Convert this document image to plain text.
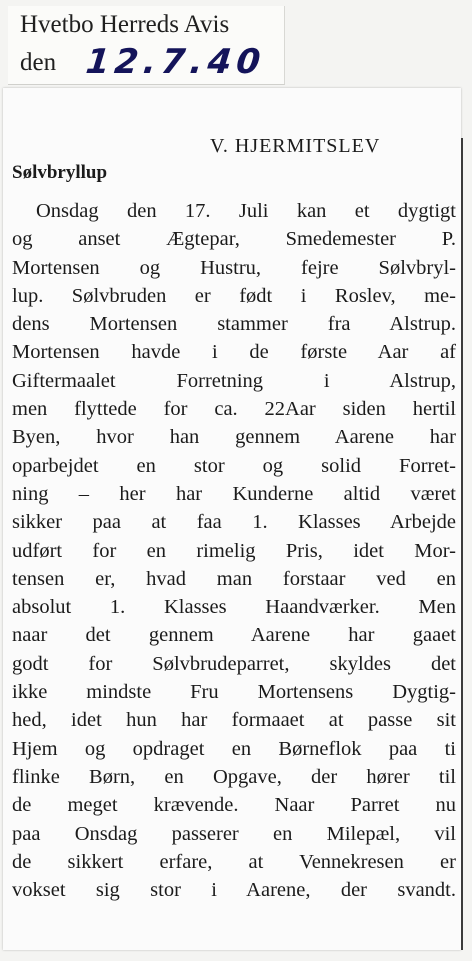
Hvetbo Herreds Avis
den 12.7.40
V. HJERMITSLEV
Sølvbryllup
Onsdag den 17. Juli kan et dygtigt
og anset Ægtepar, Smedemester P.
Mortensen og Hustru, fejre Sølvbryl-
lup. Sølvbruden er født i Roslev, me-
dens Mortensen stammer fra Alstrup.
Mortensen havde i de første Aar af
Giftermaalet Forretning i Alstrup,
men flyttede for ca. 22Aar siden hertil
Byen, hvor han gennem Aarene har
oparbejdet en stor og solid Forret-
ning – her har Kunderne altid været
sikker paa at faa 1. Klasses Arbejde
udført for en rimelig Pris, idet Mor-
tensen er, hvad man forstaar ved en
absolut 1. Klasses Haandværker. Men
naar det gennem Aarene har gaaet
godt for Sølvbrudeparret, skyldes det
ikke mindste Fru Mortensens Dygtig-
hed, idet hun har formaaet at passe sit
Hjem og opdraget en Børneflok paa ti
flinke Børn, en Opgave, der hører til
de meget krævende. Naar Parret nu
paa Onsdag passerer en Milepæl, vil
de sikkert erfare, at Vennekresen er
vokset sig stor i Aarene, der svandt.
